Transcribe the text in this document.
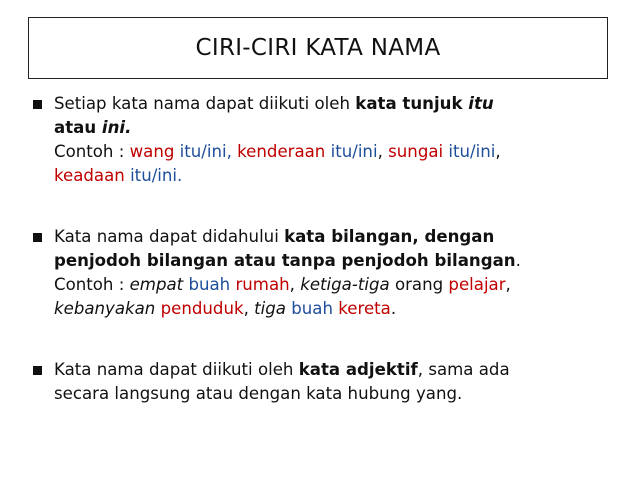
CIRI-CIRI KATA NAMA
Setiap kata nama dapat diikuti oleh kata tunjuk itu
atau ini.
Contoh : wang itu/ini, kenderaan itu/ini, sungai itu/ini,
keadaan itu/ini.
Kata nama dapat didahului kata bilangan, dengan
penjodoh bilangan atau tanpa penjodoh bilangan.
Contoh : empat buah rumah, ketiga-tiga orang pelajar,
kebanyakan penduduk, tiga buah kereta.
Kata nama dapat diikuti oleh kata adjektif, sama ada
secara langsung atau dengan kata hubung yang.
